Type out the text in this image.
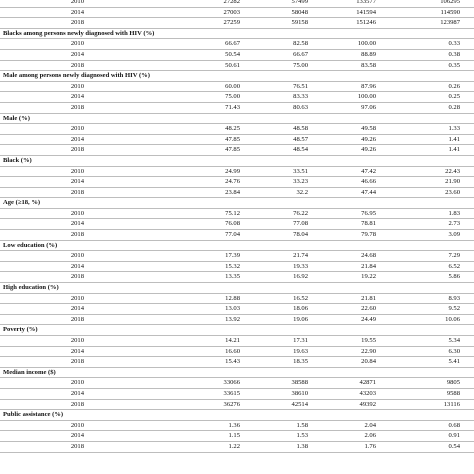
2010	27282	57499	133577	106295
2014	27003	58048	141594	114590
2018	27259	59158	151246	123987
Blacks among persons newly diagnosed with HIV (%)				
2010	66.67	82.58	100.00	0.33
2014	50.54	66.67	88.89	0.38
2018	50.61	75.00	83.58	0.35
Male among persons newly diagnosed with HIV (%)				
2010	60.00	76.51	87.96	0.26
2014	75.00	83.33	100.00	0.25
2018	71.43	80.63	97.06	0.28
Male (%)				
2010	48.25	48.58	49.58	1.33
2014	47.85	48.57	49.26	1.41
2018	47.85	48.54	49.26	1.41
Black (%)				
2010	24.99	33.51	47.42	22.43
2014	24.76	33.23	46.66	21.90
2018	23.84	32.2	47.44	23.60
Age (≥18, %)				
2010	75.12	76.22	76.95	1.83
2014	76.08	77.08	78.81	2.73
2018	77.04	78.04	79.78	3.09
Low education (%)				
2010	17.39	21.74	24.68	7.29
2014	15.32	19.33	21.84	6.52
2018	13.35	16.92	19.22	5.86
High education (%)				
2010	12.88	16.52	21.81	8.93
2014	13.03	18.06	22.60	9.52
2018	13.92	19.06	24.49	10.06
Poverty (%)				
2010	14.21	17.31	19.55	5.34
2014	16.60	19.63	22.90	6.30
2018	15.43	18.35	20.84	5.41
Median income ($)				
2010	33066	38588	42871	9805
2014	33615	38610	43203	9588
2018	36276	42514	49392	13116
Public assistance (%)				
2010	1.36	1.58	2.04	0.68
2014	1.15	1.53	2.06	0.91
2018	1.22	1.38	1.76	0.54
